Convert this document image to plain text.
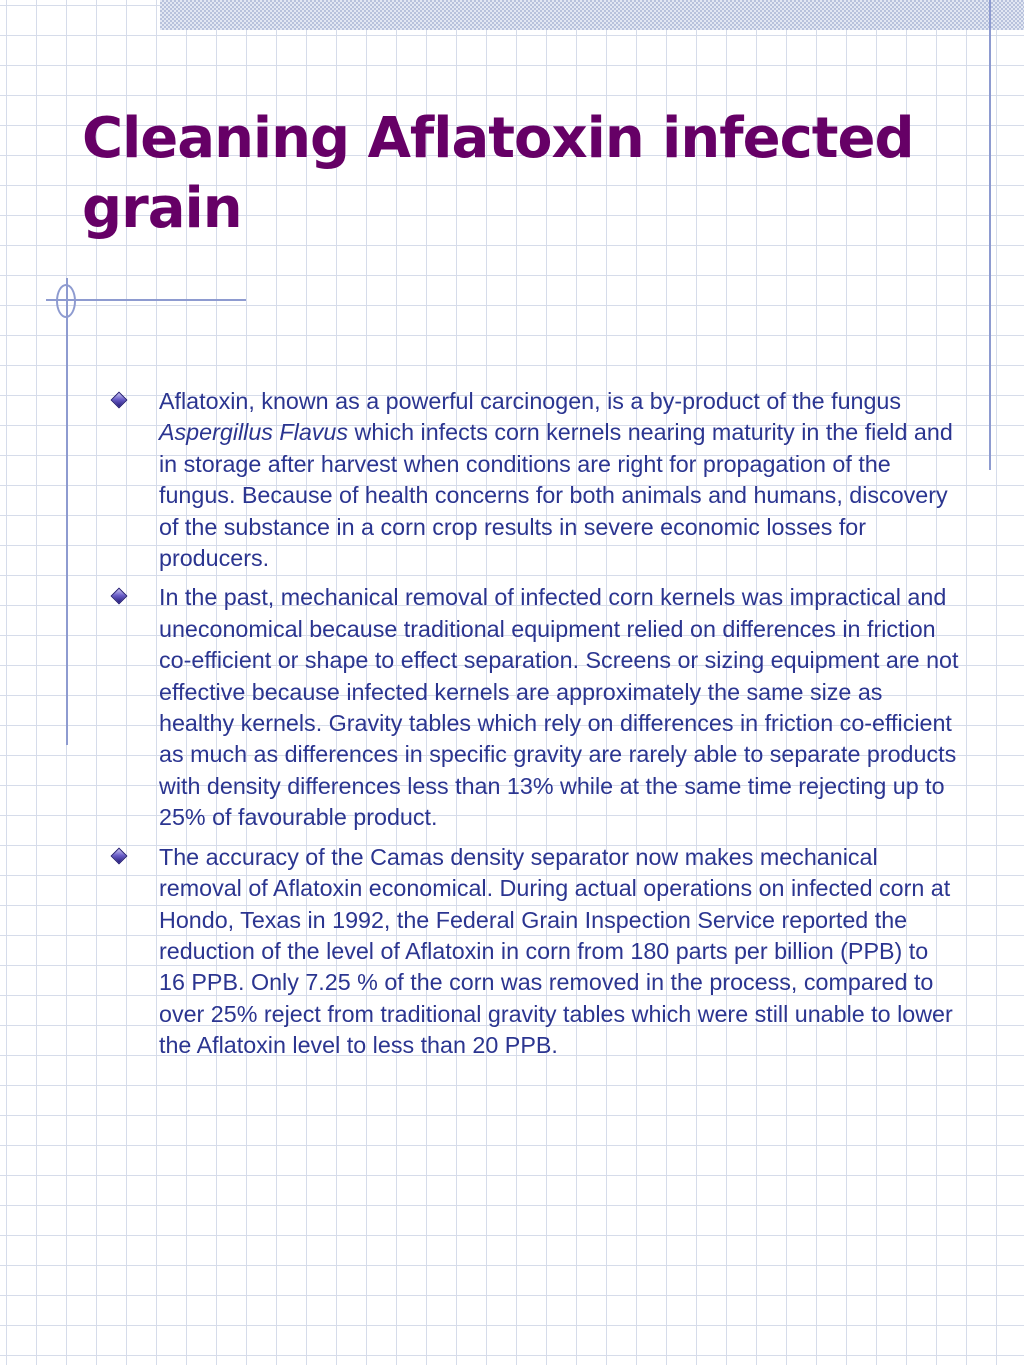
Cleaning Aflatoxin infected grain
Aflatoxin, known as a powerful carcinogen, is a by-product of the fungus Aspergillus Flavus which infects corn kernels nearing maturity in the field and in storage after harvest when conditions are right for propagation of the fungus. Because of health concerns for both animals and humans, discovery of the substance in a corn crop results in severe economic losses for producers.
In the past, mechanical removal of infected corn kernels was impractical and uneconomical because traditional equipment relied on differences in friction co-efficient or shape to effect separation. Screens or sizing equipment are not effective because infected kernels are approximately the same size as healthy kernels. Gravity tables which rely on differences in friction co-efficient as much as differences in specific gravity are rarely able to separate products with density differences less than 13% while at the same time rejecting up to 25% of favourable product.
The accuracy of the Camas density separator now makes mechanical removal of Aflatoxin economical. During actual operations on infected corn at Hondo, Texas in 1992, the Federal Grain Inspection Service reported the reduction of the level of Aflatoxin in corn from 180 parts per billion (PPB) to 16 PPB. Only 7.25 % of the corn was removed in the process, compared to over 25% reject from traditional gravity tables which were still unable to lower the Aflatoxin level to less than 20 PPB.
